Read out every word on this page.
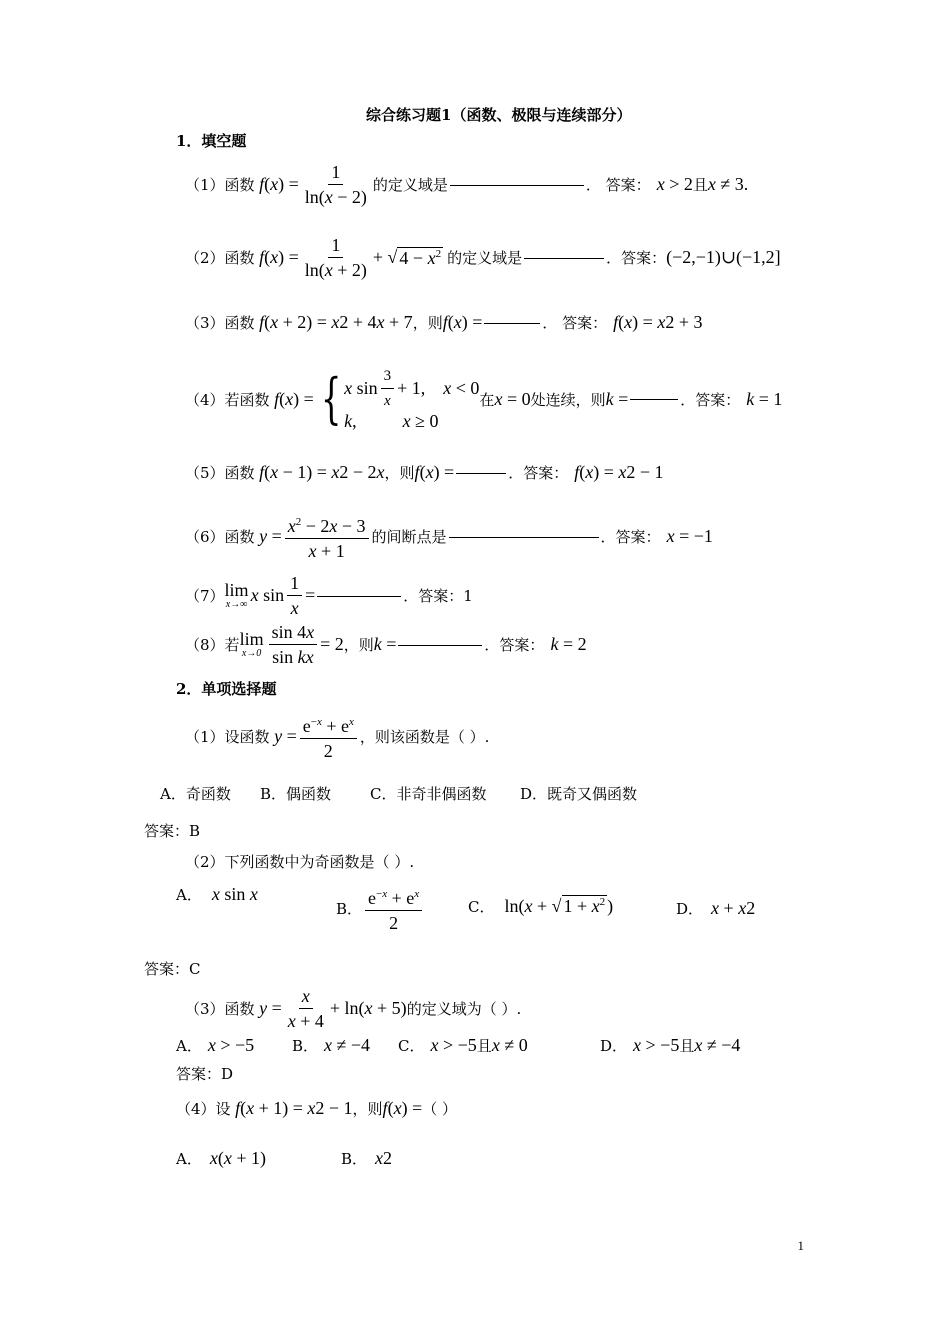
综合练习题1（函数、极限与连续部分）
1．填空题
（1） 函数 f ( x ) = $\frac{1}{\ln(x - 2)}$ 的定义域是	． 答案： x > 2 且 x ≠ 3.
（2） 函数 f ( x ) = $\frac{1}{\ln(x + 2)}$ + √ $4 - x^2$ 的定义域是	．答案： (−2,−1)∪(−1,2]
（3） 函数 f ( x + 2) = x 2 + 4 x + 7 ，则 f ( x ) =	． 答案： f ( x ) = x 2 + 3
（4） 若函数 f ( x ) = { x $\sin \frac{3}{x} + 1$, x < 0
k ,	x ≥ 0
在 x = 0 处连续，则 k =	．答案： k = 1
（5） 函数 f ( x − 1) = x 2 − 2 x ，则 f ( x ) =	．答案： f ( x ) = x 2 − 1
（6） 函数 $y = \frac{x^2 - 2x - 3}{x + 1}$ 的间断点是	．答案： x = −1
（7） lim
x→∞ x $\sin \frac{1}{x}$ =	．答案： 1
（8） 若 lim
$x\to 0 \frac{\sin 4x}{\text{sin kx}} = 2$ ，则 k =	．答案： k = 2
2．单项选择题
（1） 设函数 $y = \frac{e^{-x} + e^x}{2}$ ，则该函数是（ ）.
A．奇函数 B．偶函数	C．非奇非偶函数 D．既奇又偶函数
答案：B
（2）下列函数中为奇函数是（ ）.
A． x sin x
B． $\frac{e^{-x} + e^x}{2}$	C． ln( x + √ $1 + x^2$ )	D． x + x 2
答案：C
（3） 函数 $y = \frac{x}{x + 4} + \ln$( x + 5) 的定义域为（ ）.
A． x > −5	B． x ≠ −4 C． x > −5 且 x ≠ 0	D． x > −5 且 x ≠ −4
答案：D
（4） 设 f ( x + 1) = x 2 − 1 ，则 f ( x ) = （ ）
A． x ( x + 1)	B． x 2
1
